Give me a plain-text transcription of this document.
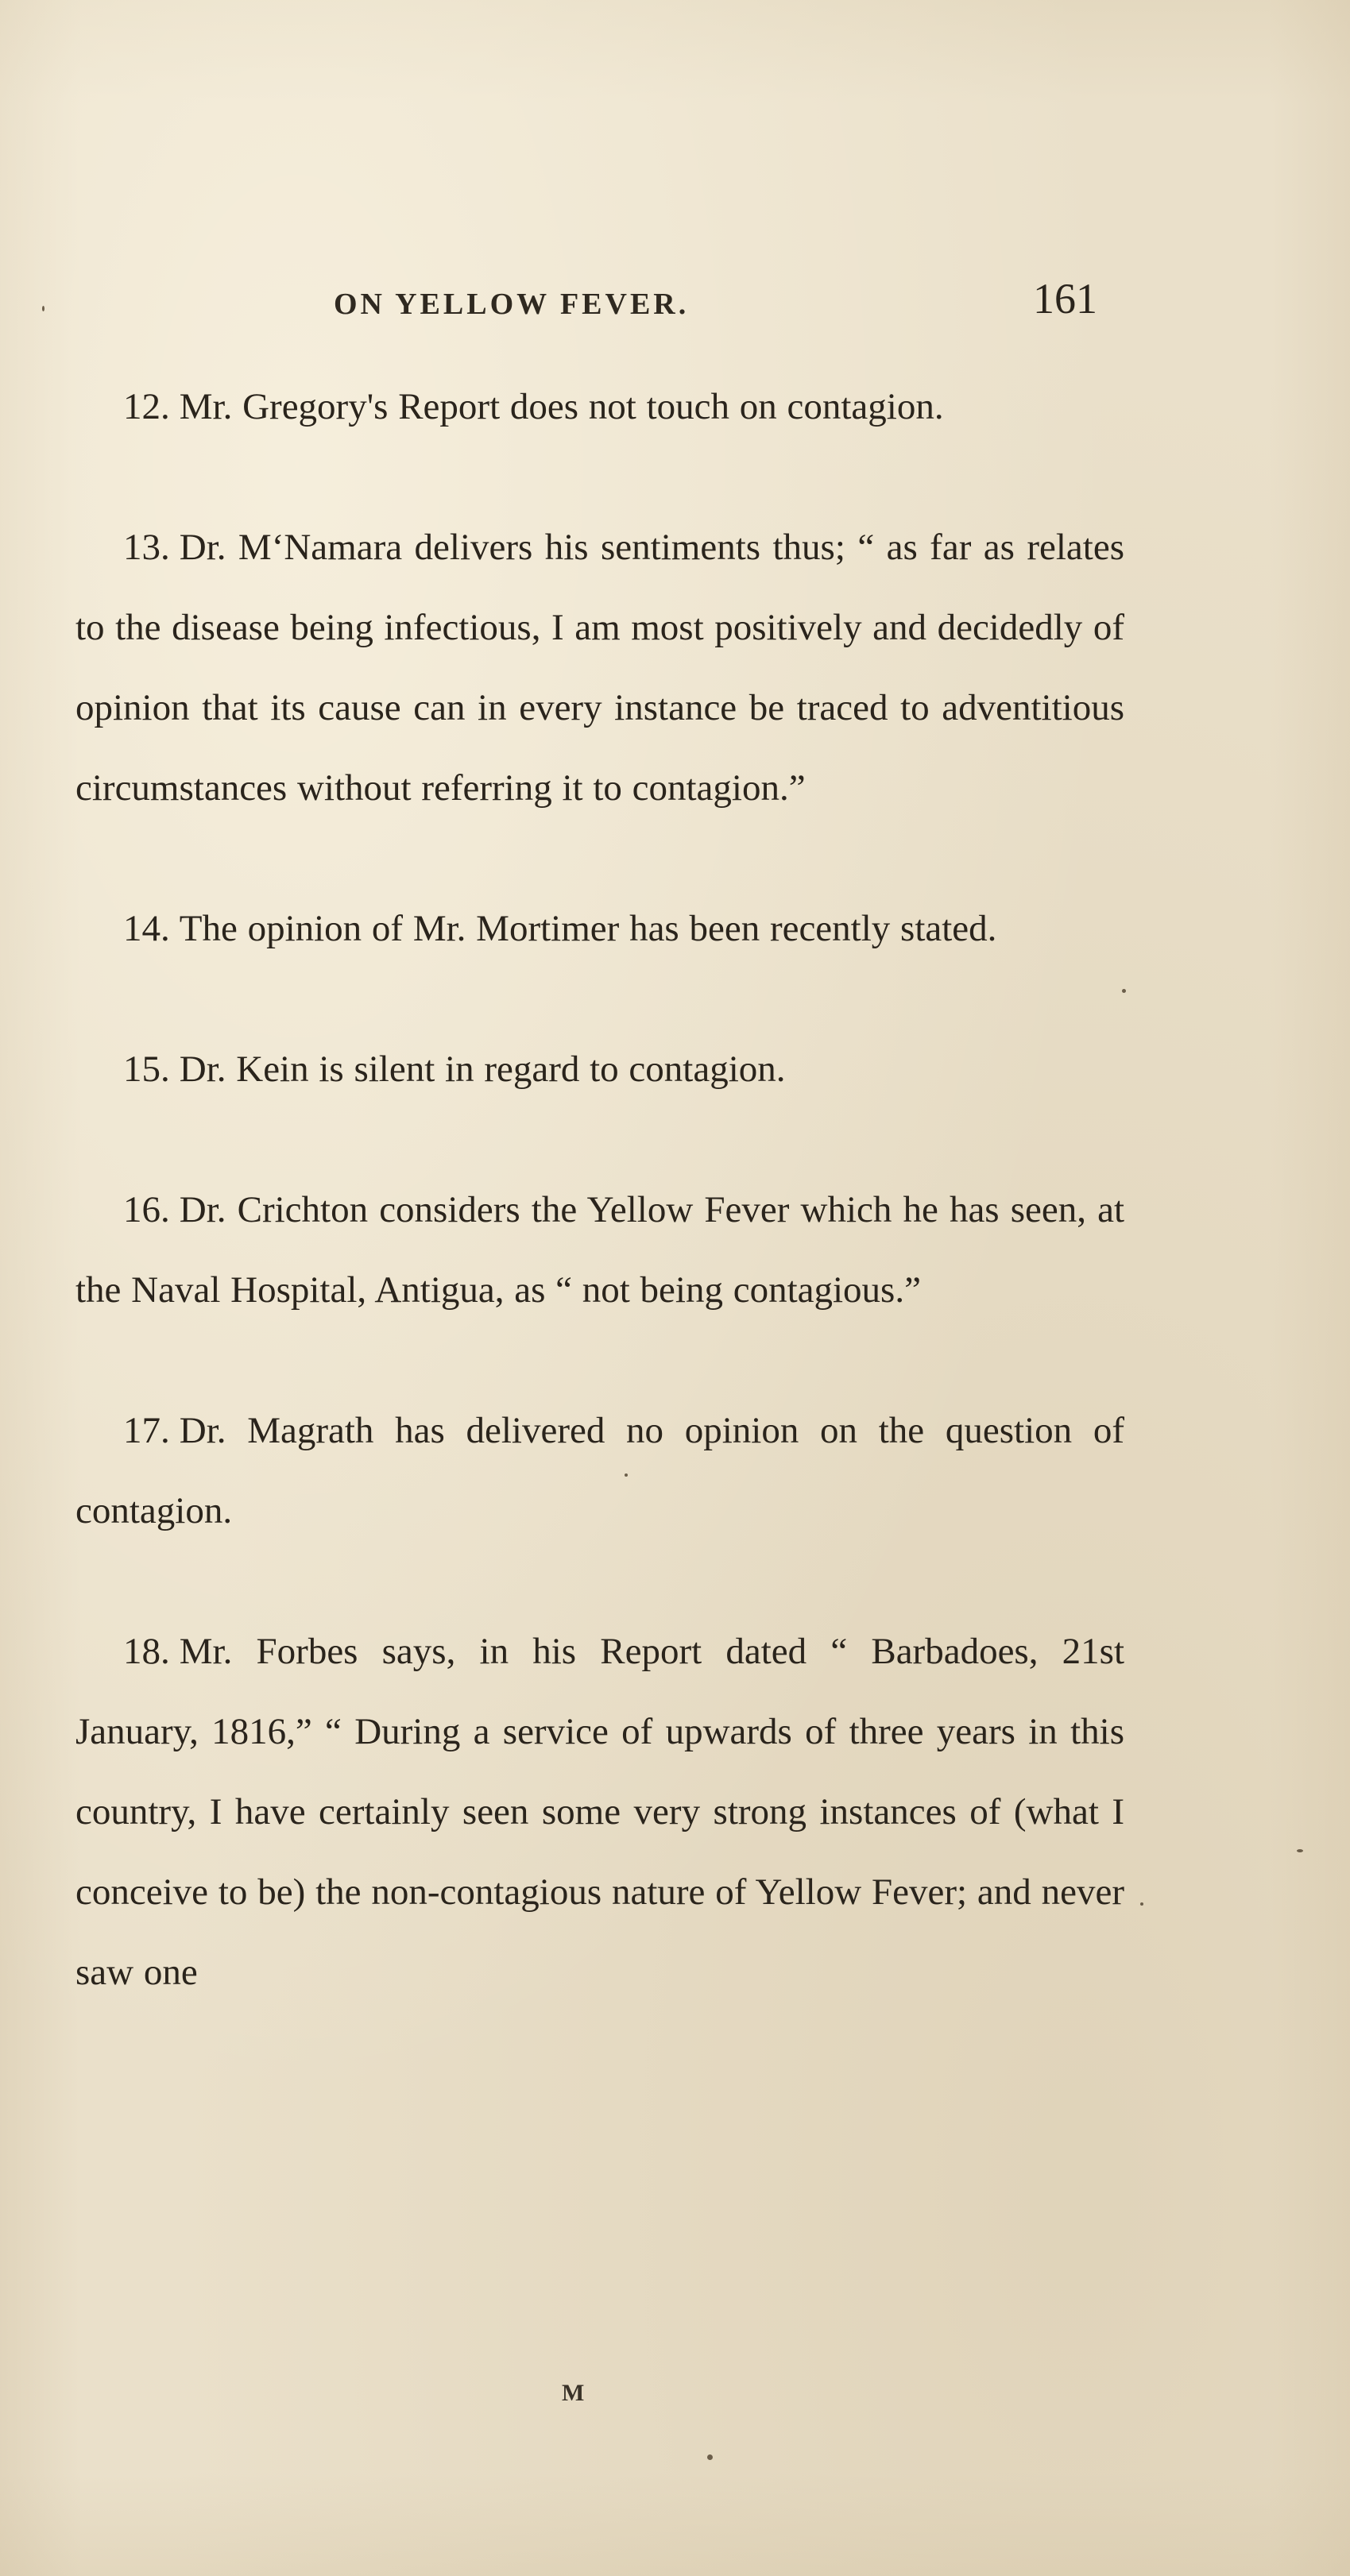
ON YELLOW FEVER.	161

12. Mr. Gregory's Report does not touch on contagion.

13. Dr. M‘Namara delivers his sentiments thus; “ as far as relates to the disease being infectious, I am most positively and decidedly of opinion that its cause can in every instance be traced to adventitious circumstances without referring it to contagion.”

14. The opinion of Mr. Mortimer has been recently stated.

15. Dr. Kein is silent in regard to contagion.

16. Dr. Crichton considers the Yellow Fever which he has seen, at the Naval Hospital, Antigua, as “ not being contagious.”

17. Dr. Magrath has delivered no opinion on the question of contagion.

18. Mr. Forbes says, in his Report dated “ Barbadoes, 21st January, 1816,” “ During a service of upwards of three years in this country, I have certainly seen some very strong instances of (what I conceive to be) the non-contagious nature of Yellow Fever; and never saw one

M
